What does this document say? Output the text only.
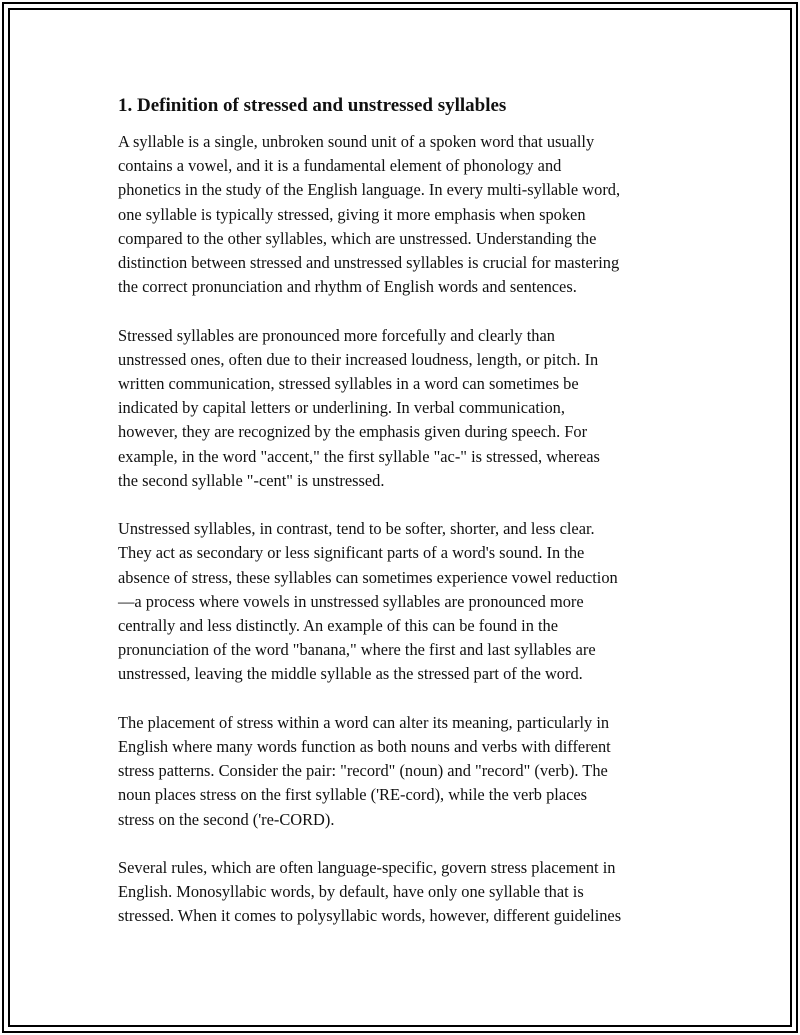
1. Definition of stressed and unstressed syllables

A syllable is a single, unbroken sound unit of a spoken word that usually
contains a vowel, and it is a fundamental element of phonology and
phonetics in the study of the English language. In every multi-syllable word,
one syllable is typically stressed, giving it more emphasis when spoken
compared to the other syllables, which are unstressed. Understanding the
distinction between stressed and unstressed syllables is crucial for mastering
the correct pronunciation and rhythm of English words and sentences.

Stressed syllables are pronounced more forcefully and clearly than
unstressed ones, often due to their increased loudness, length, or pitch. In
written communication, stressed syllables in a word can sometimes be
indicated by capital letters or underlining. In verbal communication,
however, they are recognized by the emphasis given during speech. For
example, in the word "accent," the first syllable "ac-" is stressed, whereas
the second syllable "-cent" is unstressed.

Unstressed syllables, in contrast, tend to be softer, shorter, and less clear.
They act as secondary or less significant parts of a word's sound. In the
absence of stress, these syllables can sometimes experience vowel reduction
—a process where vowels in unstressed syllables are pronounced more
centrally and less distinctly. An example of this can be found in the
pronunciation of the word "banana," where the first and last syllables are
unstressed, leaving the middle syllable as the stressed part of the word.

The placement of stress within a word can alter its meaning, particularly in
English where many words function as both nouns and verbs with different
stress patterns. Consider the pair: "record" (noun) and "record" (verb). The
noun places stress on the first syllable ('RE-cord), while the verb places
stress on the second ('re-CORD).

Several rules, which are often language-specific, govern stress placement in
English. Monosyllabic words, by default, have only one syllable that is
stressed. When it comes to polysyllabic words, however, different guidelines
